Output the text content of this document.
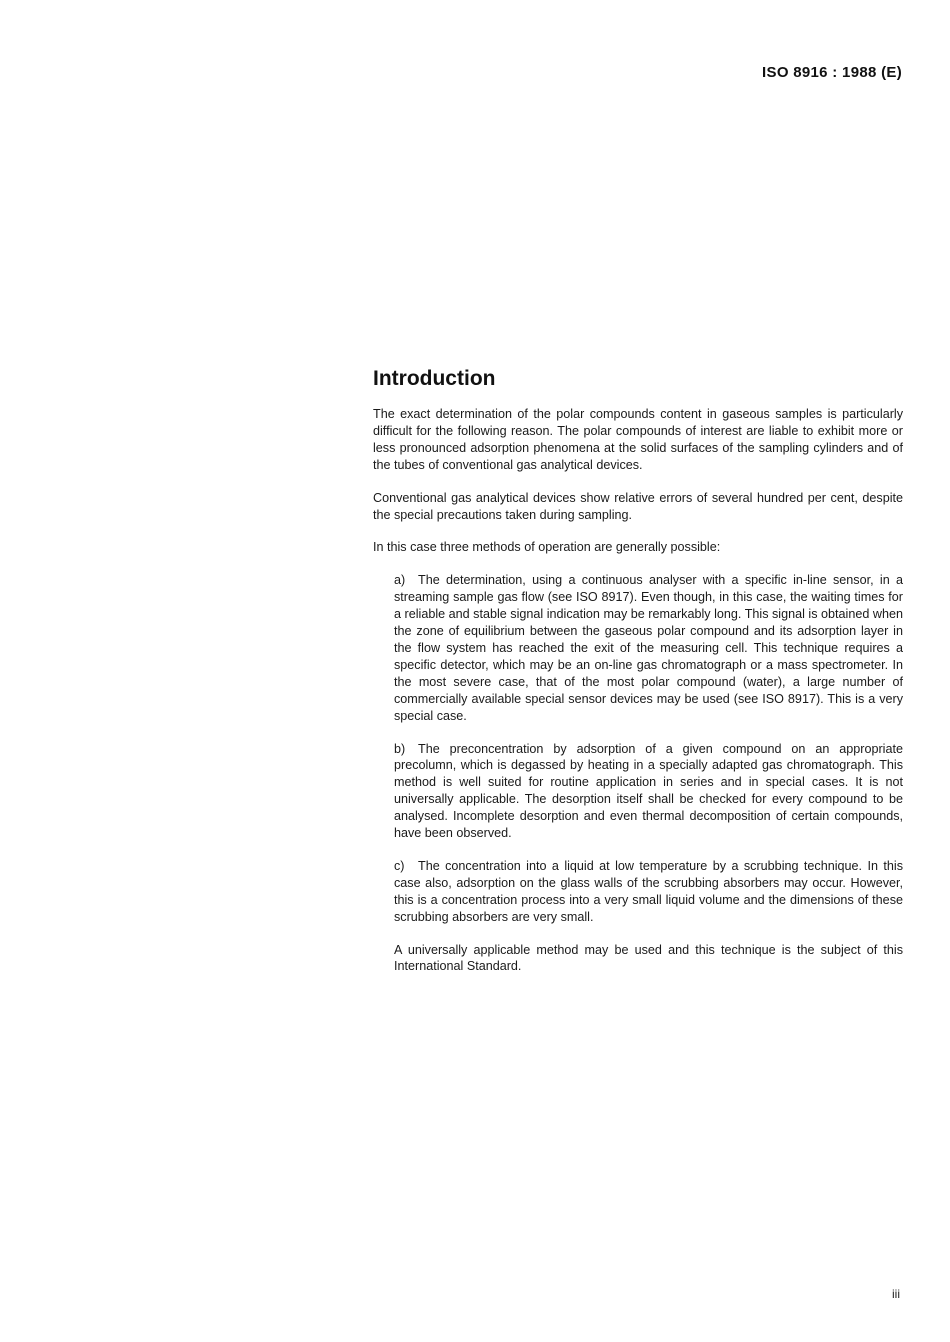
ISO 8916 : 1988 (E)
Introduction

The exact determination of the polar compounds content in gaseous samples is particularly difficult for the following reason. The polar compounds of interest are liable to exhibit more or less pronounced adsorption phenomena at the solid surfaces of the sampling cylinders and of the tubes of conventional gas analytical devices.

Conventional gas analytical devices show relative errors of several hundred per cent, despite the special precautions taken during sampling.

In this case three methods of operation are generally possible:

a) The determination, using a continuous analyser with a specific in-line sensor, in a streaming sample gas flow (see ISO 8917). Even though, in this case, the waiting times for a reliable and stable signal indication may be remarkably long. This signal is obtained when the zone of equilibrium between the gaseous polar compound and its adsorption layer in the flow system has reached the exit of the measuring cell. This technique requires a specific detector, which may be an on-line gas chromatograph or a mass spectrometer. In the most severe case, that of the most polar compound (water), a large number of commercially available special sensor devices may be used (see ISO 8917). This is a very special case.

b) The preconcentration by adsorption of a given compound on an appropriate precolumn, which is degassed by heating in a specially adapted gas chromatograph. This method is well suited for routine application in series and in special cases. It is not universally applicable. The desorption itself shall be checked for every compound to be analysed. Incomplete desorption and even thermal decomposition of certain compounds, have been observed.

c) The concentration into a liquid at low temperature by a scrubbing technique. In this case also, adsorption on the glass walls of the scrubbing absorbers may occur. However, this is a concentration process into a very small liquid volume and the dimensions of these scrubbing absorbers are very small.

A universally applicable method may be used and this technique is the subject of this International Standard.

iii
